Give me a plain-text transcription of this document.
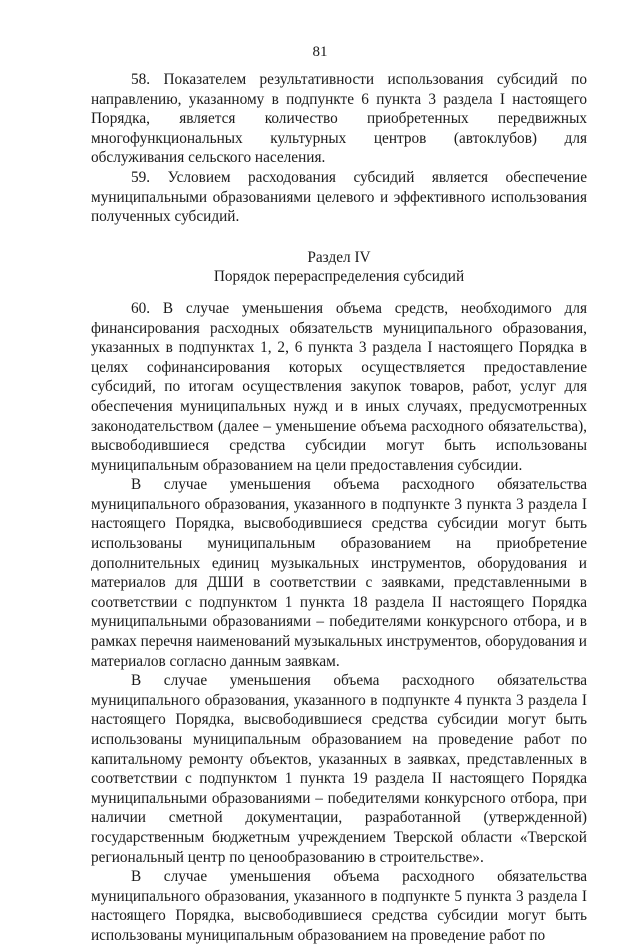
81

58. Показателем результативности использования субсидий по направлению, указанному в подпункте 6 пункта 3 раздела I настоящего Порядка, является количество приобретенных передвижных многофункциональных культурных центров (автоклубов) для обслуживания сельского населения.

59. Условием расходования субсидий является обеспечение муниципальными образованиями целевого и эффективного использования полученных субсидий.

Раздел IV

Порядок перераспределения субсидий

60. В случае уменьшения объема средств, необходимого для финансирования расходных обязательств муниципального образования, указанных в подпунктах 1, 2, 6 пункта 3 раздела I настоящего Порядка в целях софинансирования которых осуществляется предоставление субсидий, по итогам осуществления закупок товаров, работ, услуг для обеспечения муниципальных нужд и в иных случаях, предусмотренных законодательством (далее – уменьшение объема расходного обязательства), высвободившиеся средства субсидии могут быть использованы муниципальным образованием на цели предоставления субсидии.

В случае уменьшения объема расходного обязательства муниципального образования, указанного в подпункте 3 пункта 3 раздела I настоящего Порядка, высвободившиеся средства субсидии могут быть использованы муниципальным образованием на приобретение дополнительных единиц музыкальных инструментов, оборудования и материалов для ДШИ в соответствии с заявками, представленными в соответствии с подпунктом 1 пункта 18 раздела II настоящего Порядка муниципальными образованиями – победителями конкурсного отбора, и в рамках перечня наименований музыкальных инструментов, оборудования и материалов согласно данным заявкам.

В случае уменьшения объема расходного обязательства муниципального образования, указанного в подпункте 4 пункта 3 раздела I настоящего Порядка, высвободившиеся средства субсидии могут быть использованы муниципальным образованием на проведение работ по капитальному ремонту объектов, указанных в заявках, представленных в соответствии с подпунктом 1 пункта 19 раздела II настоящего Порядка муниципальными образованиями – победителями конкурсного отбора, при наличии сметной документации, разработанной (утвержденной) государственным бюджетным учреждением Тверской области «Тверской региональный центр по ценообразованию в строительстве».

В случае уменьшения объема расходного обязательства муниципального образования, указанного в подпункте 5 пункта 3 раздела I настоящего Порядка, высвободившиеся средства субсидии могут быть использованы муниципальным образованием на проведение работ по
